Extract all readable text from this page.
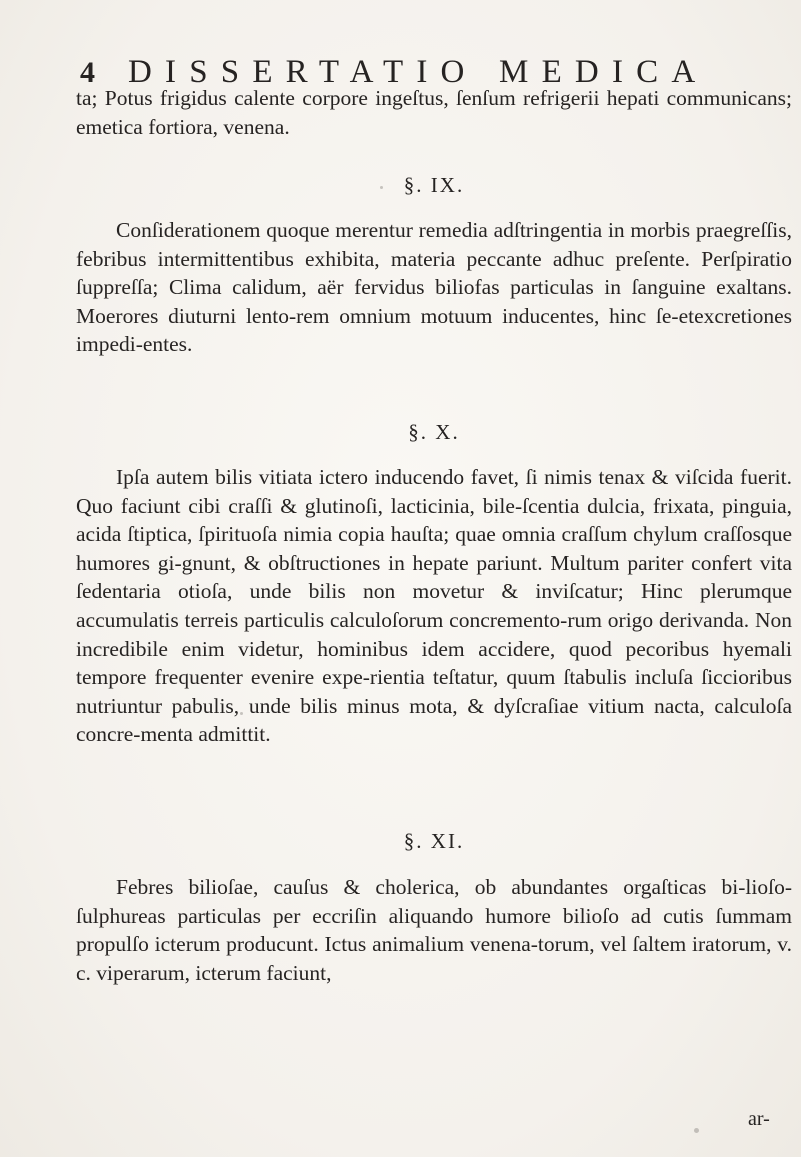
4 DISSERTATIO MEDICA

ta; Potus frigidus calente corpore ingeſtus, ſenſum refrigerii hepati communicans; emetica fortiora, venena.

§. IX.

Conſiderationem quoque merentur remedia adſtringentia in morbis praegreſſis, febribus intermittentibus exhibita, materia peccante adhuc preſente. Perſpiratio ſuppreſſa; Clima calidum, aër fervidus biliofas particulas in ſanguine exaltans. Moerores diuturni lento-rem omnium motuum inducentes, hinc ſe-etexcretiones impedi-entes.

§. X.

Ipſa autem bilis vitiata ictero inducendo favet, ſi nimis tenax & viſcida fuerit. Quo faciunt cibi craſſi & glutinoſi, lacticinia, bile-ſcentia dulcia, frixata, pinguia, acida ſtiptica, ſpirituoſa nimia copia hauſta; quae omnia craſſum chylum craſſosque humores gi-gnunt, & obſtructiones in hepate pariunt. Multum pariter confert vita ſedentaria otioſa, unde bilis non movetur & inviſcatur; Hinc plerumque accumulatis terreis particulis calculoſorum concremento-rum origo derivanda. Non incredibile enim videtur, hominibus idem accidere, quod pecoribus hyemali tempore frequenter evenire expe-rientia teſtatur, quum ſtabulis incluſa ſiccioribus nutriuntur pabulis, unde bilis minus mota, & dyſcraſiae vitium nacta, calculoſa concre-menta admittit.

§. XI.

Febres bilioſae, cauſus & cholerica, ob abundantes orgaſticas bi-lioſo-ſulphureas particulas per eccriſin aliquando humore bilioſo ad cutis ſummam propulſo icterum producunt. Ictus animalium venena-torum, vel ſaltem iratorum, v. c. viperarum, icterum faciunt,

ar-
